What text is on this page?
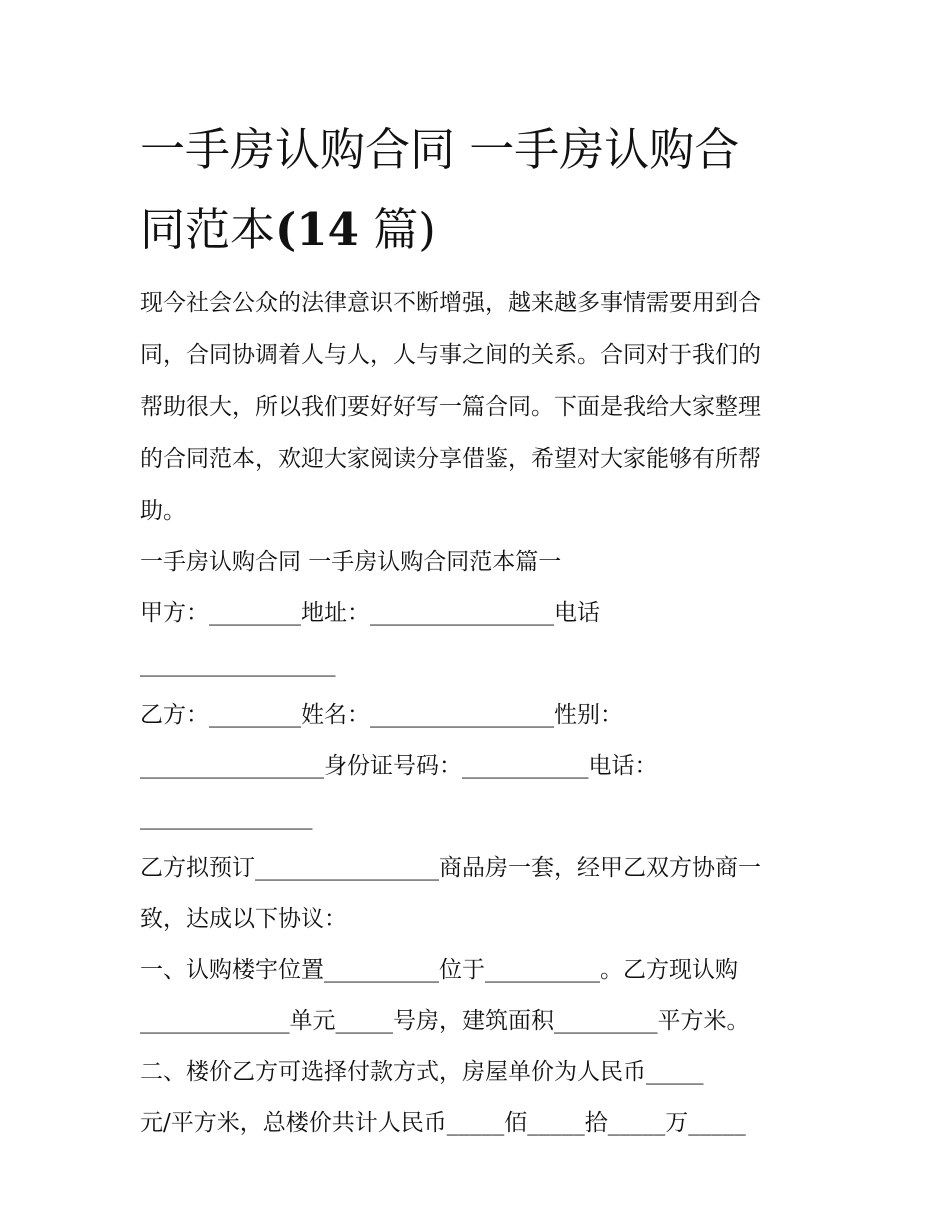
一手房认购合同 一手房认购合
同范本(14 篇)
现今社会公众的法律意识不断增强，越来越多事情需要用到合
同，合同协调着人与人，人与事之间的关系。合同对于我们的
帮助很大，所以我们要好好写一篇合同。下面是我给大家整理
的合同范本，欢迎大家阅读分享借鉴，希望对大家能够有所帮
助。

一手房认购合同 一手房认购合同范本篇一

甲方：________地址：________________电话

_________________

乙方：________姓名：________________性别：

________________身份证号码：___________电话：

_______________

乙方拟预订________________商品房一套，经甲乙双方协商一

致，达成以下协议：

一、认购楼宇位置__________位于__________。乙方现认购

_____________单元_____号房，建筑面积_________平方米。

二、楼价乙方可选择付款方式，房屋单价为人民币_____

元/平方米，总楼价共计人民币_____佰_____拾_____万_____
